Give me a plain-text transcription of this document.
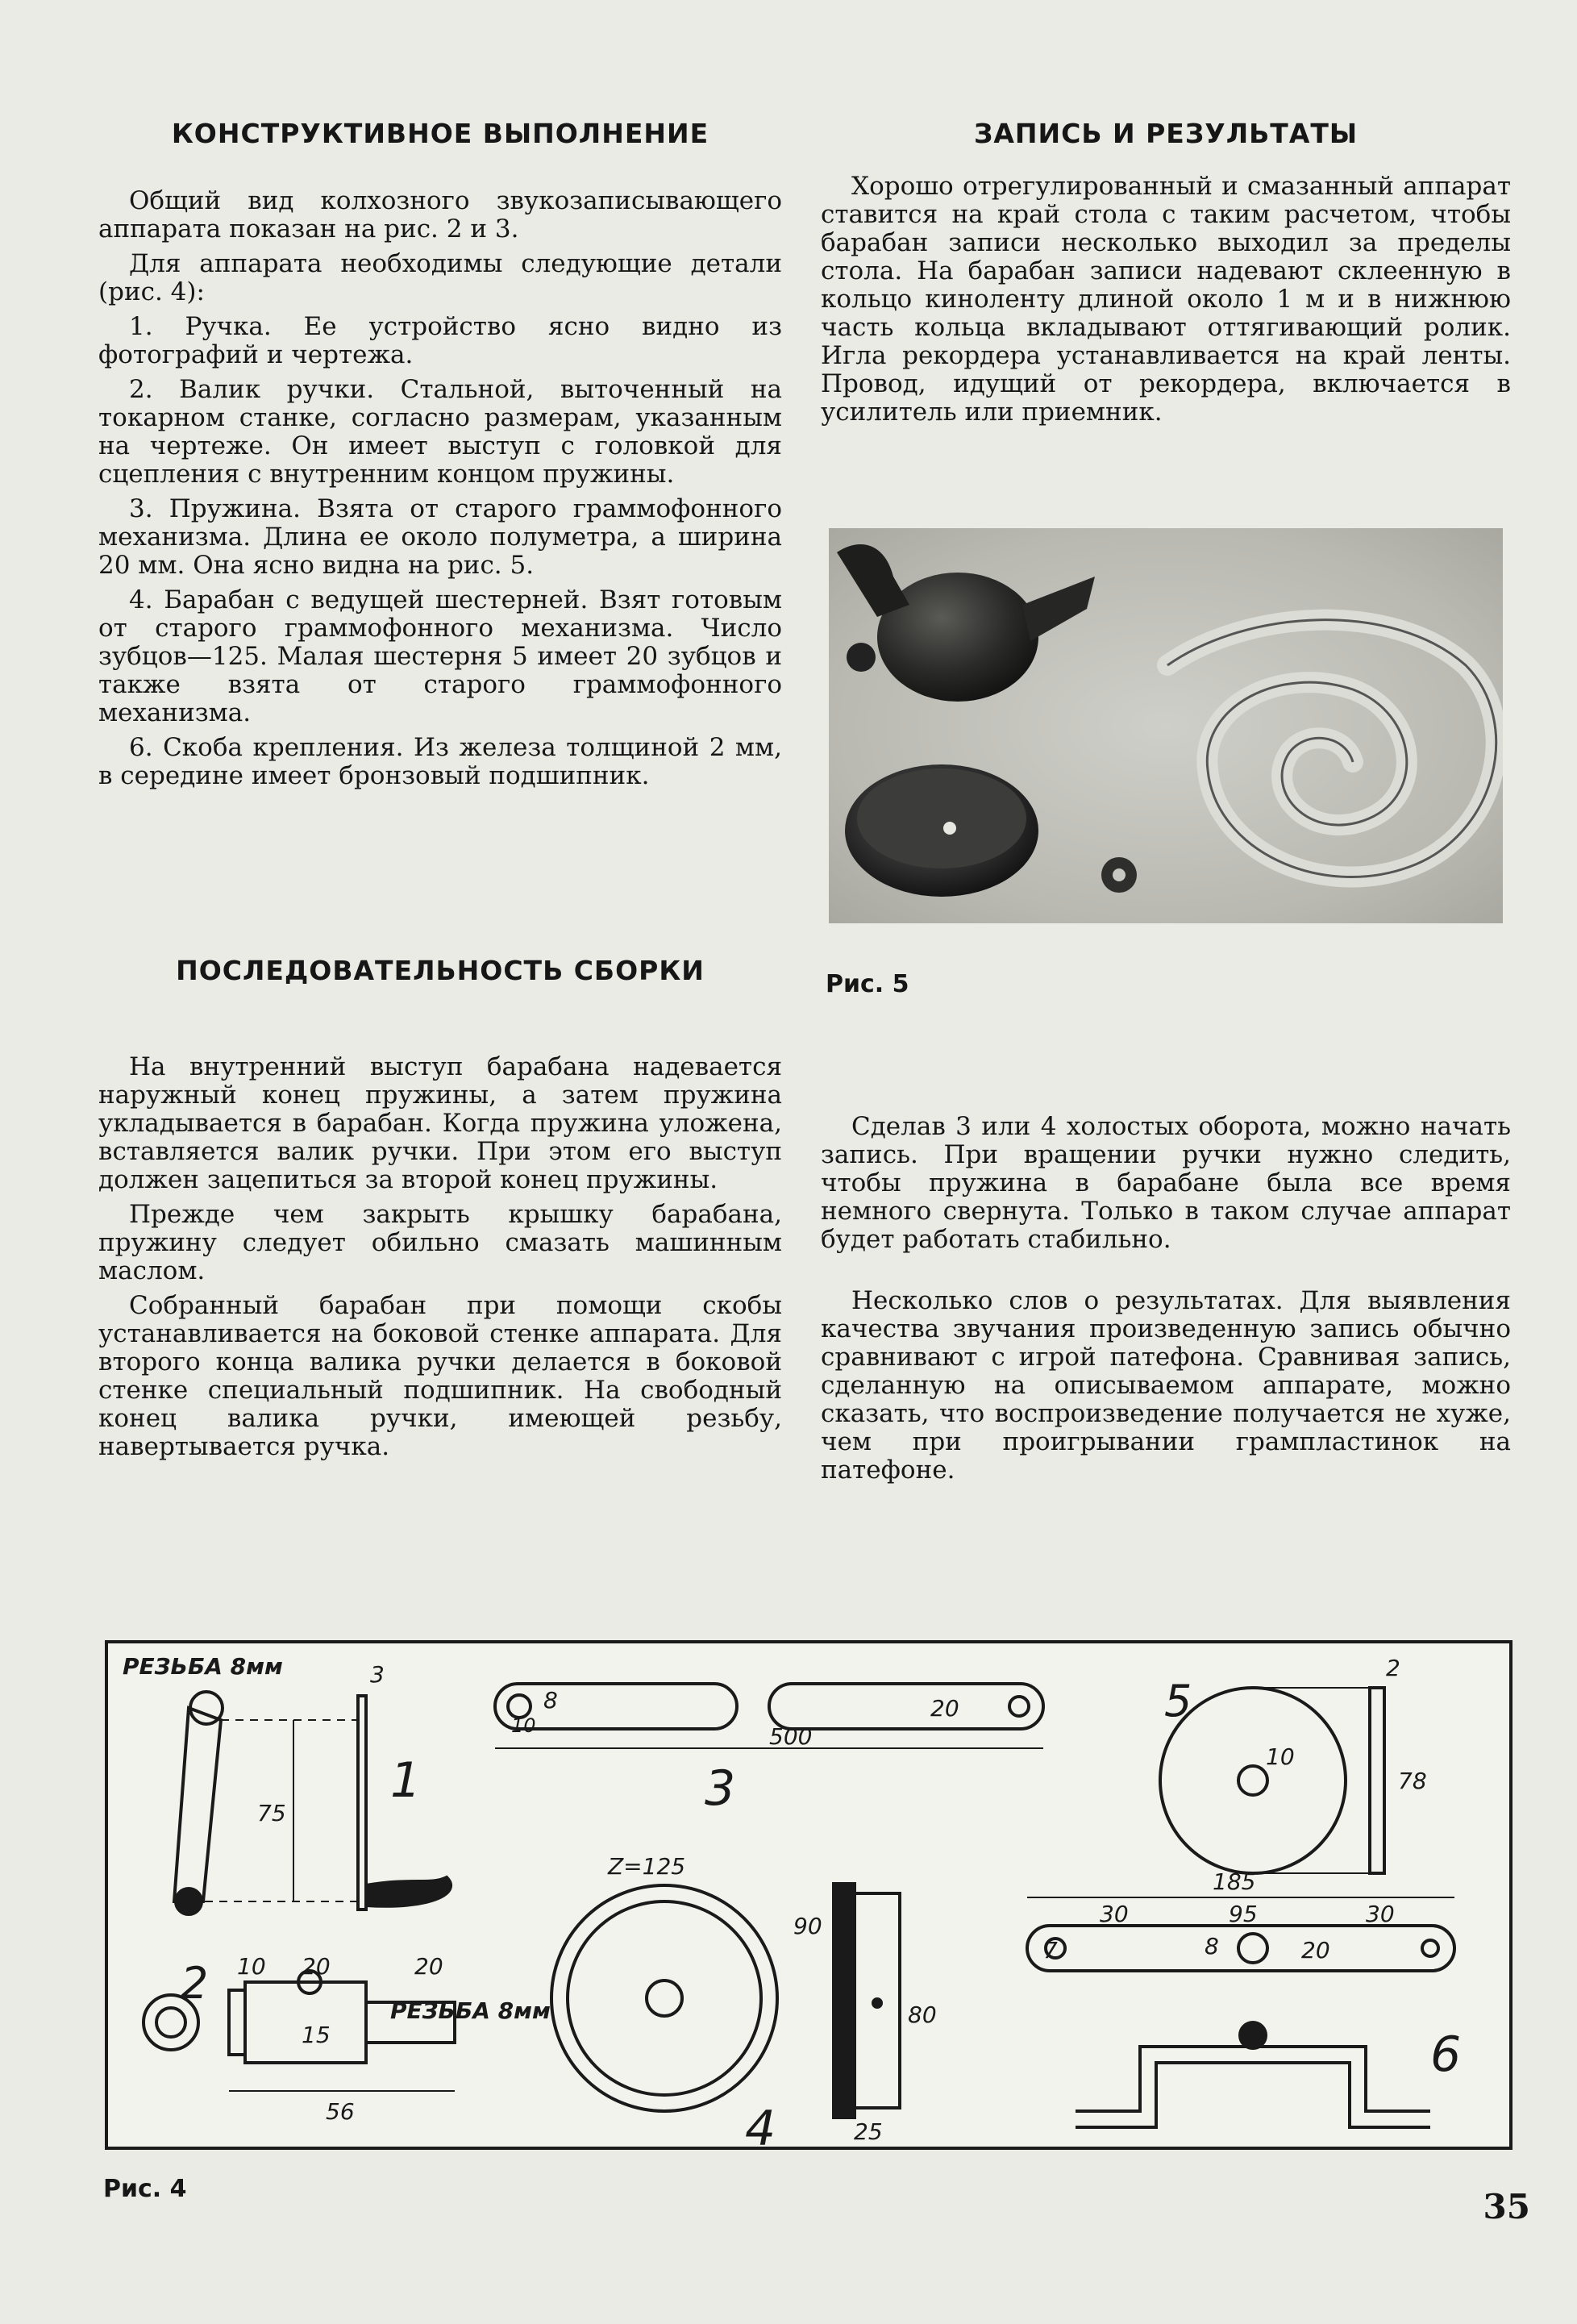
КОНСТРУКТИВНОЕ ВЫПОЛНЕНИЕ

Общий вид колхозного звукозаписывающего аппарата показан на рис. 2 и 3.

Для аппарата необходимы следующие детали (рис. 4):

1. Ручка. Ее устройство ясно видно из фотографий и чертежа.

2. Валик ручки. Стальной, выточенный на токарном станке, согласно размерам, указанным на чертеже. Он имеет выступ с головкой для сцепления с внутренним концом пружины.

3. Пружина. Взята от старого граммофонного механизма. Длина ее около полуметра, а ширина 20 мм. Она ясно видна на рис. 5.

4. Барабан с ведущей шестерней. Взят готовым от старого граммофонного механизма. Число зубцов—125. Малая шестерня 5 имеет 20 зубцов и также взята от старого граммофонного механизма.

6. Скоба крепления. Из железа толщиной 2 мм, в середине имеет бронзовый подшипник.

ПОСЛЕДОВАТЕЛЬНОСТЬ СБОРКИ

На внутренний выступ барабана надевается наружный конец пружины, а затем пружина укладывается в барабан. Когда пружина уложена, вставляется валик ручки. При этом его выступ должен зацепиться за второй конец пружины.

Прежде чем закрыть крышку барабана, пружину следует обильно смазать машинным маслом.

Собранный барабан при помощи скобы устанавливается на боковой стенке аппарата. Для второго конца валика ручки делается в боковой стенке специальный подшипник. На свободный конец валика ручки, имеющей резьбу, навертывается ручка.

ЗАПИСЬ И РЕЗУЛЬТАТЫ

Хорошо отрегулированный и смазанный аппарат ставится на край стола с таким расчетом, чтобы барабан записи несколько выходил за пределы стола. На барабан записи надевают склеенную в кольцо киноленту длиной около 1 м и в нижнюю часть кольца вкладывают оттягивающий ролик. Игла рекордера устанавливается на край ленты. Провод, идущий от рекордера, включается в усилитель или приемник.

Рис. 5

Сделав 3 или 4 холостых оборота, можно начать запись. При вращении ручки нужно следить, чтобы пружина в барабане была все время немного свернута. Только в таком случае аппарат будет работать стабильно.

Несколько слов о результатах. Для выявления качества звучания произведенную запись обычно сравнивают с игрой патефона. Сравнивая запись, сделанную на описываемом аппарате, можно сказать, что воспроизведение получается не хуже, чем при проигрывании грампластинок на патефоне.

РЕЗЬБА 8мм	3
75
1
2 10 20	20
15
56
РЕЗЬБА 8мм
8
10
20
500
3
Z=125
90
80
25
4
5
10
2
78
185
30	95	30
7	8	20
6
Рис. 4	35
